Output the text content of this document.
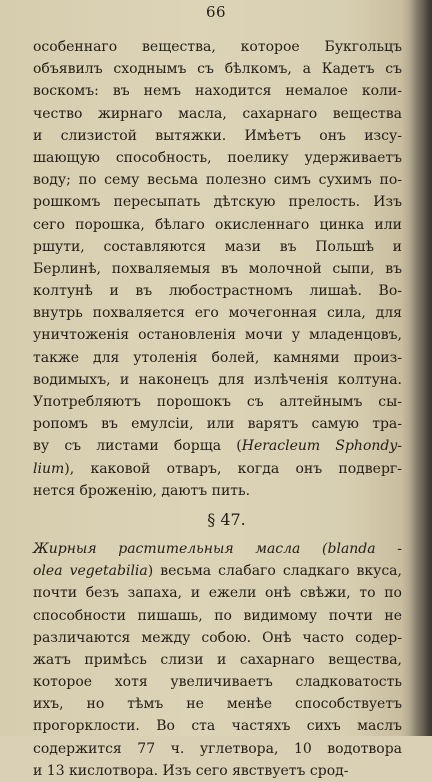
66
особеннаго вещества, которое Букгольцъ
объявилъ сходнымъ съ бѣлкомъ, а Кадетъ съ
воскомъ: въ немъ находится немалое коли-
чество жирнаго масла, сахарнаго вещества
и слизистой вытяжки. Имѣетъ онъ изсу-
шающую способность, поелику удерживаетъ
воду; по сему весьма полезно симъ сухимъ по-
рошкомъ пересыпать дѣтскую прелость. Изъ
сего порошка, бѣлаго окисленнаго цинка или
ршути, составляются мази въ Польшѣ и
Берлинѣ, похваляемыя въ молочной сыпи, въ
колтунѣ и въ любострастномъ лишаѣ. Во-
внутрь похваляется его мочегонная сила, для
уничтоженія остановленія мочи у младенцовъ,
также для утоленія болей, камнями произ-
водимыхъ, и наконецъ для излѣченія колтуна.
Употребляютъ порошокъ съ алтейнымъ сы-
ропомъ въ емулсіи, или варятъ самую тра-
ву съ листами борща (Heracleum Sphondy-
lium), каковой отваръ, когда онъ подверг-
нется броженію, даютъ пить.
§ 47.
Жирныя растительныя масла (blanda -
olea vegetabilia) весьма слабаго сладкаго вкуса,
почти безъ запаха, и ежели онѣ свѣжи, то по
способности пишашь, по видимому почти не
различаются между собою. Онѣ часто содер-
жатъ примѣсь слизи и сахарнаго вещества,
которое хотя увеличиваетъ сладковатость
ихъ, но тѣмъ не менѣе способствуетъ
прогорклости. Во ста частяхъ сихъ маслъ
содержится 77 ч. углетвора, 10 водотвора
и 13 кислотвора. Изъ сего явствуетъ срод-
